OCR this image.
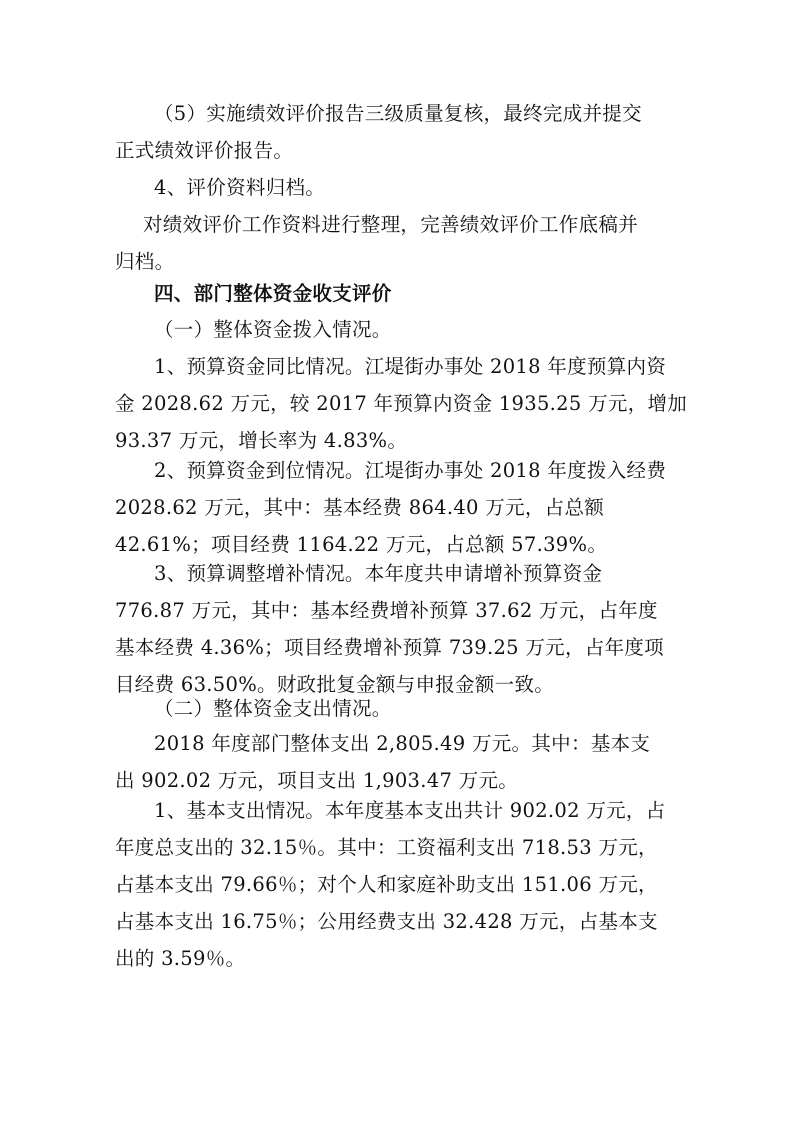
（5）实施绩效评价报告三级质量复核，最终完成并提交
正式绩效评价报告。

4、评价资料归档。

对绩效评价工作资料进行整理，完善绩效评价工作底稿并
归档。

四、部门整体资金收支评价

（一）整体资金拨入情况。

1、预算资金同比情况。江堤街办事处 2018 年度预算内资
金 2028.62 万元，较 2017 年预算内资金 1935.25 万元，增加
93.37 万元，增长率为 4.83%。

2、预算资金到位情况。江堤街办事处 2018 年度拨入经费
2028.62 万元，其中：基本经费 864.40 万元，占总额
42.61%；项目经费 1164.22 万元，占总额 57.39%。

3、预算调整增补情况。本年度共申请增补预算资金
776.87 万元，其中：基本经费增补预算 37.62 万元，占年度
基本经费 4.36%；项目经费增补预算 739.25 万元，占年度项
目经费 63.50%。财政批复金额与申报金额一致。

（二）整体资金支出情况。

2018 年度部门整体支出 2,805.49 万元。其中：基本支
出 902.02 万元，项目支出 1,903.47 万元。

1、基本支出情况。本年度基本支出共计 902.02 万元，占
年度总支出的 32.15％。其中：工资福利支出 718.53 万元，
占基本支出 79.66％；对个人和家庭补助支出 151.06 万元，
占基本支出 16.75％；公用经费支出 32.428 万元，占基本支
出的 3.59％。
